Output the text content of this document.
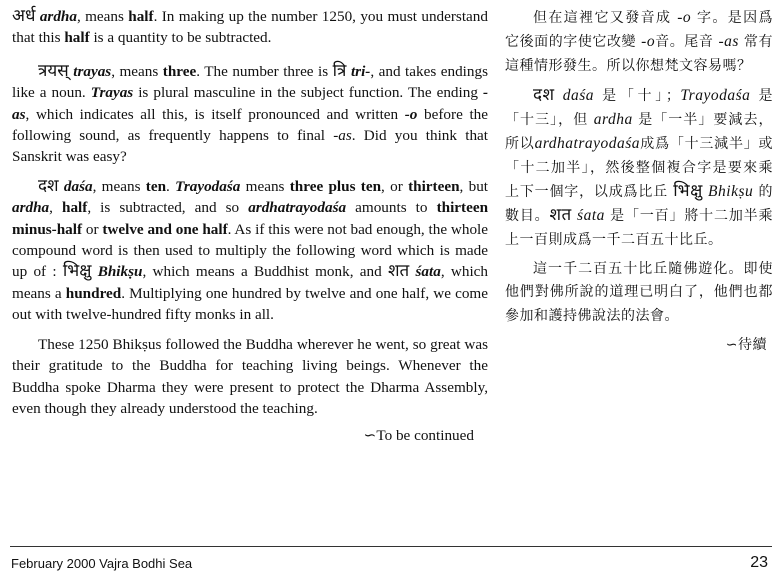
अर्ध ardha, means half. In making up the number 1250, you must understand that this half is a quantity to be subtracted.

त्रयस् trayas, means three. The number three is त्रि tri-, and takes endings like a noun. Trayas is plural masculine in the subject function. The ending -as, which indicates all this, is itself pronounced and written -o before the following sound, as frequently happens to final -as. Did you think that Sanskrit was easy?

दश daśa, means ten. Trayodaśa means three plus ten, or thirteen, but ardha, half, is subtracted, and so ardhatrayodaśa amounts to thirteen minus-half or twelve and one half. As if this were not bad enough, the whole compound word is then used to multiply the following word which is made up of : भिक्षु Bhikṣu, which means a Buddhist monk, and शत śata, which means a hundred. Multiplying one hundred by twelve and one half, we come out with twelve-hundred fifty monks in all.

These 1250 Bhikṣus followed the Buddha wherever he went, so great was their gratitude to the Buddha for teaching living beings. Whenever the Buddha spoke Dharma they were present to protect the Dharma Assembly, even though they already understood the teaching.

∽To be continued

但在這裡它又發音成 -o 字。是因爲它後面的字使它改變 -o音。尾音 -as 常有這種情形發生。所以你想梵文容易嗎？

दश daśa 是「十」；Trayodaśa 是「十三」，但 ardha 是「一半」要減去，所以ardhatrayodaśa成爲「十三減半」或「十二加半」，然後整個複合字是要來乘上下一個字，以成爲比丘 भिक्षु Bhikṣu 的數目。शत śata 是「一百」將十二加半乘上一百則成爲一千二百五十比丘。

這一千二百五十比丘隨佛遊化。即使他們對佛所說的道理已明白了，他們也都參加和護持佛說法的法會。

∽待續
February 2000 Vajra Bodhi Sea	23
